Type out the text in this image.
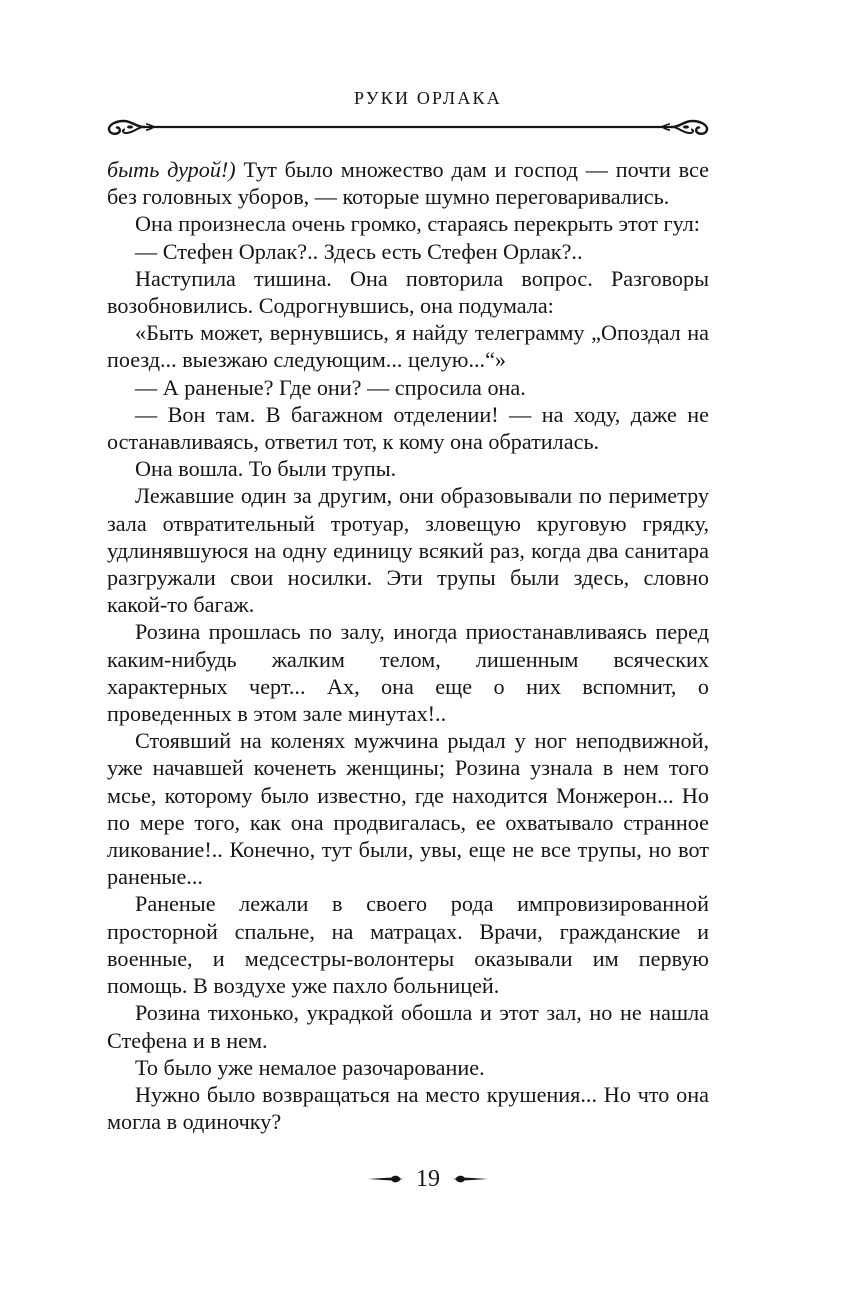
РУКИ ОРЛАКА

быть дурой!) Тут было множество дам и господ — почти все без головных уборов, — которые шумно переговаривались.

Она произнесла очень громко, стараясь перекрыть этот гул:

— Стефен Орлак?.. Здесь есть Стефен Орлак?..

Наступила тишина. Она повторила вопрос. Разговоры возобновились. Содрогнувшись, она подумала:

«Быть может, вернувшись, я найду телеграмму „Опоздал на поезд... выезжаю следующим... целую...“»

— А раненые? Где они? — спросила она.

— Вон там. В багажном отделении! — на ходу, даже не останавливаясь, ответил тот, к кому она обратилась.

Она вошла. То были трупы.

Лежавшие один за другим, они образовывали по периметру зала отвратительный тротуар, зловещую круговую грядку, удлинявшуюся на одну единицу всякий раз, когда два санитара разгружали свои носилки. Эти трупы были здесь, словно какой-то багаж.

Розина прошлась по залу, иногда приостанавливаясь перед каким-нибудь жалким телом, лишенным всяческих характерных черт... Ах, она еще о них вспомнит, о проведенных в этом зале минутах!..

Стоявший на коленях мужчина рыдал у ног неподвижной, уже начавшей коченеть женщины; Розина узнала в нем того мсье, которому было известно, где находится Монжерон... Но по мере того, как она продвигалась, ее охватывало странное ликование!.. Конечно, тут были, увы, еще не все трупы, но вот раненые...

Раненые лежали в своего рода импровизированной просторной спальне, на матрацах. Врачи, гражданские и военные, и медсестры-волонтеры оказывали им первую помощь. В воздухе уже пахло больницей.

Розина тихонько, украдкой обошла и этот зал, но не нашла Стефена и в нем.

То было уже немалое разочарование.

Нужно было возвращаться на место крушения... Но что она могла в одиночку?

19
